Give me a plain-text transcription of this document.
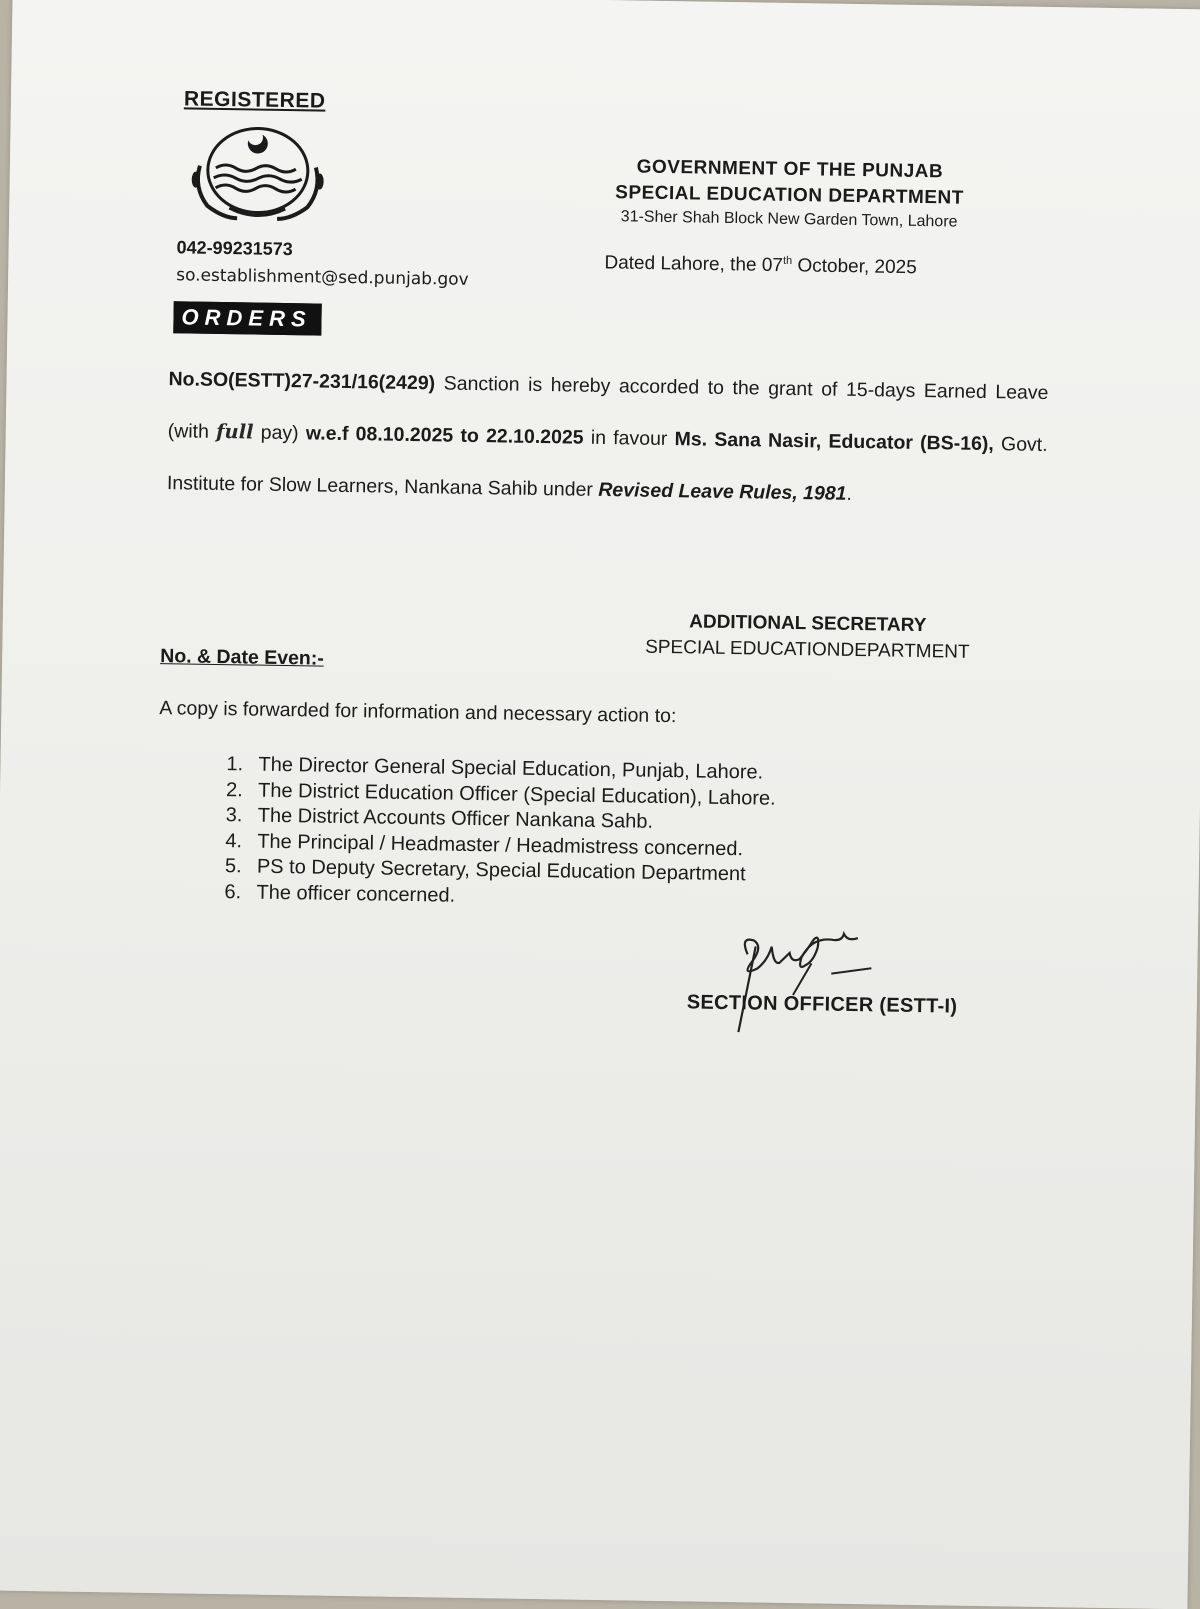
REGISTERED
042-99231573
so.establishment@sed.punjab.gov
GOVERNMENT OF THE PUNJAB
SPECIAL EDUCATION DEPARTMENT
31-Sher Shah Block New Garden Town, Lahore
Dated Lahore, the 07th October, 2025
ORDERS
No.SO(ESTT)27-231/16(2429) Sanction is hereby accorded to the grant of 15-days Earned Leave (with full pay) w.e.f 08.10.2025 to 22.10.2025 in favour Ms. Sana Nasir, Educator (BS-16), Govt. Institute for Slow Learners, Nankana Sahib under Revised Leave Rules, 1981.
ADDITIONAL SECRETARY
SPECIAL EDUCATIONDEPARTMENT
No. & Date Even:-
A copy is forwarded for information and necessary action to:
1. The Director General Special Education, Punjab, Lahore.
2. The District Education Officer (Special Education), Lahore.
3. The District Accounts Officer Nankana Sahb.
4. The Principal / Headmaster / Headmistress concerned.
5. PS to Deputy Secretary, Special Education Department
6. The officer concerned.
SECTION OFFICER (ESTT-I)
